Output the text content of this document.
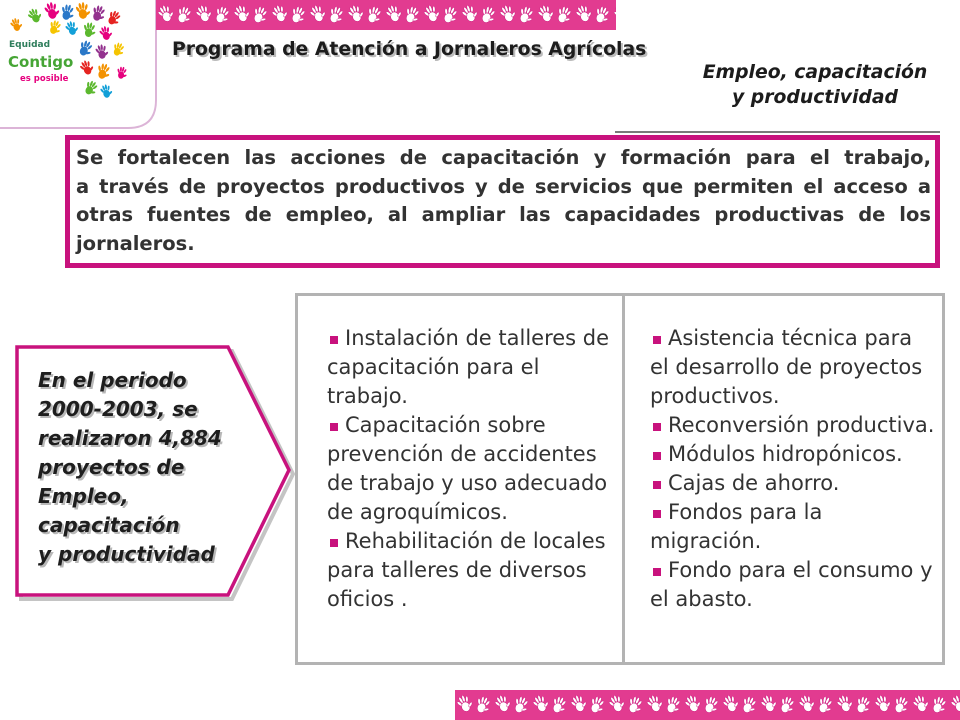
Equidad
Contigo
es posible
Programa de Atención a Jornaleros Agrícolas
Empleo, capacitación
y productividad
Se fortalecen las acciones de capacitación y formación para el trabajo,
a través de proyectos productivos y de servicios que permiten el acceso a
otras fuentes de empleo, al ampliar las capacidades productivas de los
jornaleros.
En el periodo
2000-2003, se
realizaron 4,884
proyectos de
Empleo,
capacitación
y productividad
Instalación de talleres de
capacitación para el
trabajo.
Capacitación sobre
prevención de accidentes
de trabajo y uso adecuado
de agroquímicos.
Rehabilitación de locales
para talleres de diversos
oficios .
Asistencia técnica para
el desarrollo de proyectos
productivos.
Reconversión productiva.
Módulos hidropónicos.
Cajas de ahorro.
Fondos para la
migración.
Fondo para el consumo y
el abasto.
